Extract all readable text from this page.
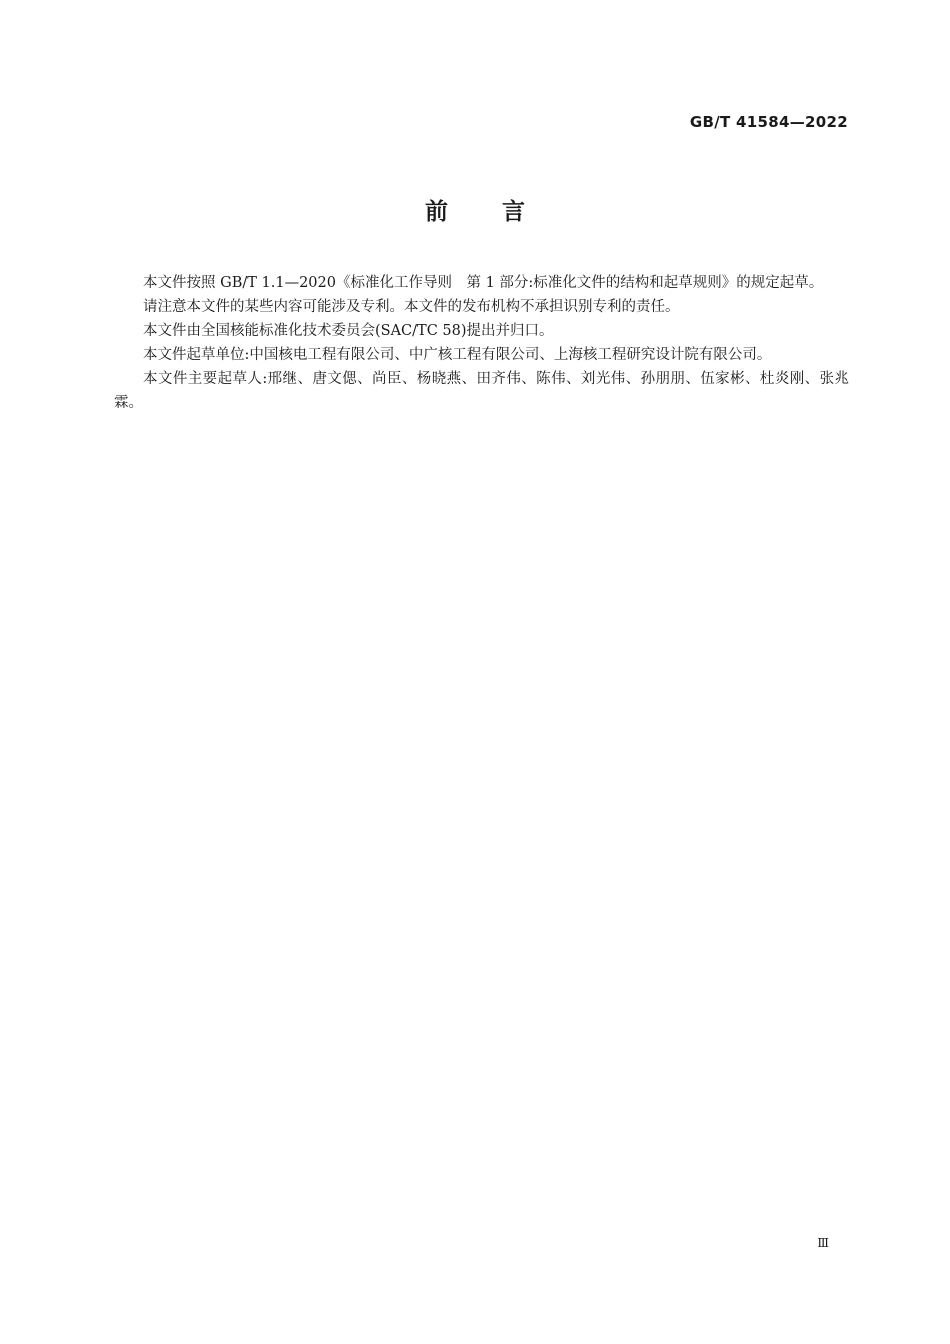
GB/T 41584—2022
前言

本文件按照 GB/T 1.1—2020《标准化工作导则　第 1 部分:标准化文件的结构和起草规则》的规定起草。

请注意本文件的某些内容可能涉及专利。本文件的发布机构不承担识别专利的责任。

本文件由全国核能标准化技术委员会(SAC/TC 58)提出并归口。

本文件起草单位:中国核电工程有限公司、中广核工程有限公司、上海核工程研究设计院有限公司。

本文件主要起草人:邢继、唐文偲、尚臣、杨晓燕、田齐伟、陈伟、刘光伟、孙朋朋、伍家彬、杜炎刚、张兆霖。

Ⅲ
